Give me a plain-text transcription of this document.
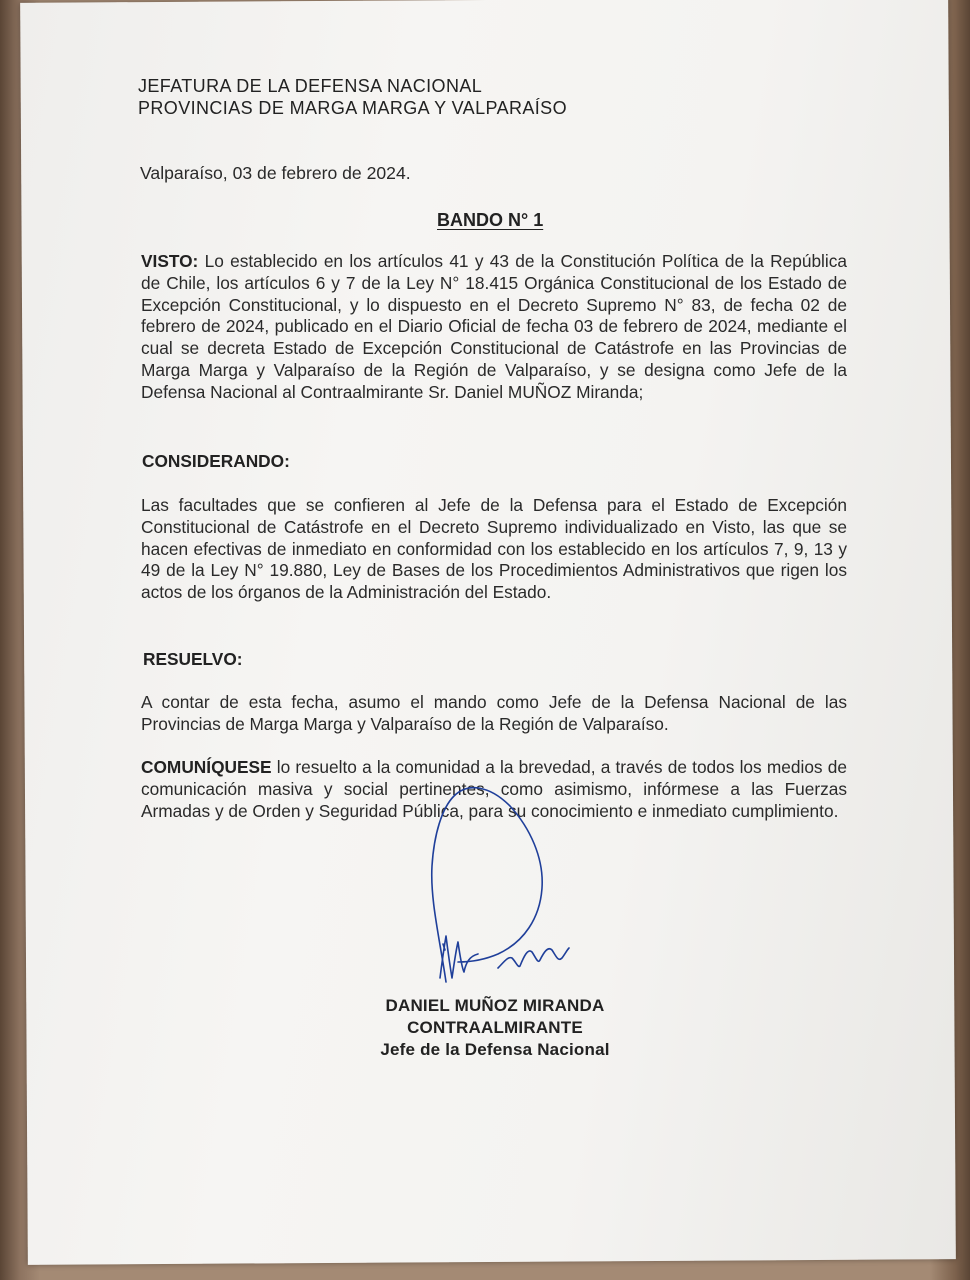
JEFATURA DE LA DEFENSA NACIONAL
PROVINCIAS DE MARGA MARGA Y VALPARAÍSO
Valparaíso, 03 de febrero de 2024.
BANDO N° 1
VISTO: Lo establecido en los artículos 41 y 43 de la Constitución Política de la República de Chile, los artículos 6 y 7 de la Ley N° 18.415 Orgánica Constitucional de los Estado de Excepción Constitucional, y lo dispuesto en el Decreto Supremo N° 83, de fecha 02 de febrero de 2024, publicado en el Diario Oficial de fecha 03 de febrero de 2024, mediante el cual se decreta Estado de Excepción Constitucional de Catástrofe en las Provincias de Marga Marga y Valparaíso de la Región de Valparaíso, y se designa como Jefe de la Defensa Nacional al Contraalmirante Sr. Daniel MUÑOZ Miranda;
CONSIDERANDO:
Las facultades que se confieren al Jefe de la Defensa para el Estado de Excepción Constitucional de Catástrofe en el Decreto Supremo individualizado en Visto, las que se hacen efectivas de inmediato en conformidad con los establecido en los artículos 7, 9, 13 y 49 de la Ley N° 19.880, Ley de Bases de los Procedimientos Administrativos que rigen los actos de los órganos de la Administración del Estado.
RESUELVO:
A contar de esta fecha, asumo el mando como Jefe de la Defensa Nacional de las Provincias de Marga Marga y Valparaíso de la Región de Valparaíso.
COMUNÍQUESE lo resuelto a la comunidad a la brevedad, a través de todos los medios de comunicación masiva y social pertinentes, como asimismo, infórmese a las Fuerzas Armadas y de Orden y Seguridad Pública, para su conocimiento e inmediato cumplimiento.
DANIEL MUÑOZ MIRANDA
CONTRAALMIRANTE
Jefe de la Defensa Nacional
